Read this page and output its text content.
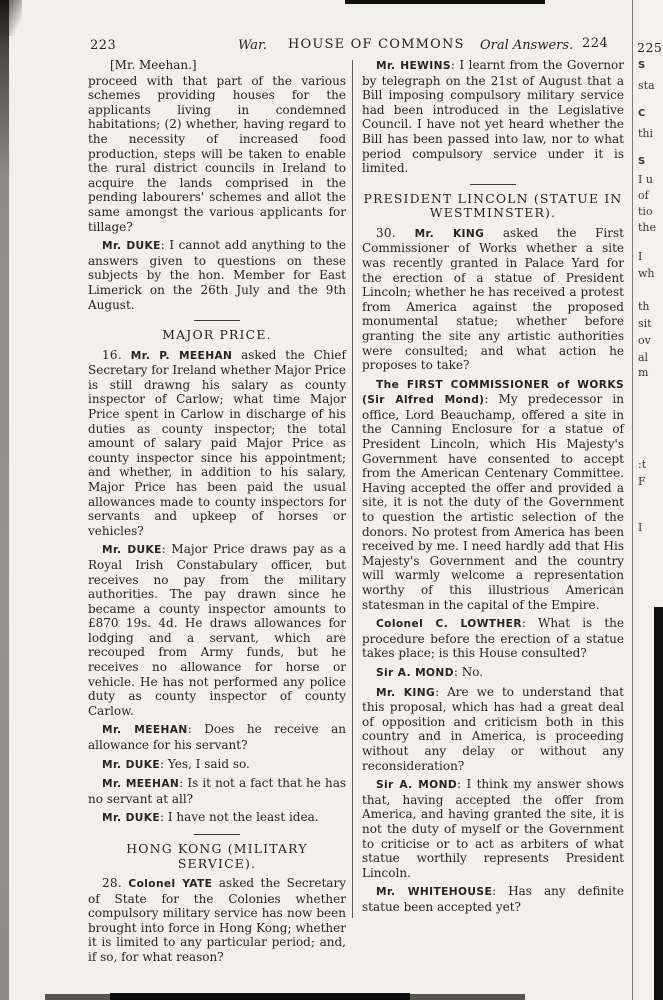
223	War. HOUSE OF COMMONS Oral Answers. 224

[Mr. Meehan.]

proceed with that part of the various schemes providing houses for the applicants living in condemned habitations; (2) whether, having regard to the necessity of increased food production, steps will be taken to enable the rural district councils in Ireland to acquire the lands comprised in the pending labourers' schemes and allot the same amongst the various applicants for tillage?

Mr. DUKE: I cannot add anything to the answers given to questions on these subjects by the hon. Member for East Limerick on the 26th July and the 9th August.

MAJOR PRICE.

16. Mr. P. MEEHAN asked the Chief Secretary for Ireland whether Major Price is still drawng his salary as county inspector of Carlow; what time Major Price spent in Carlow in discharge of his duties as county inspector; the total amount of salary paid Major Price as county inspector since his appointment; and whether, in addition to his salary, Major Price has been paid the usual allowances made to county inspectors for servants and upkeep of horses or vehicles?

Mr. DUKE: Major Price draws pay as a Royal Irish Constabulary officer, but receives no pay from the military authorities. The pay drawn since he became a county inspector amounts to £870 19s. 4d. He draws allowances for lodging and a servant, which are recouped from Army funds, but he receives no allowance for horse or vehicle. He has not performed any police duty as county inspector of county Carlow.

Mr. MEEHAN: Does he receive an allowance for his servant?

Mr. DUKE: Yes, I said so.

Mr. MEEHAN: Is it not a fact that he has no servant at all?

Mr. DUKE: I have not the least idea.

HONG KONG (MILITARY SERVICE).

28. Colonel YATE asked the Secretary of State for the Colonies whether compulsory military service has now been brought into force in Hong Kong; whether it is limited to any particular period; and, if so, for what reason?

Mr. HEWINS: I learnt from the Governor by telegraph on the 21st of August that a Bill imposing compulsory military service had been introduced in the Legislative Council. I have not yet heard whether the Bill has been passed into law, nor to what period compulsory service under it is limited.

PRESIDENT LINCOLN (STATUE IN WESTMINSTER).

30. Mr. KING asked the First Commissioner of Works whether a site was recently granted in Palace Yard for the erection of a statue of President Lincoln; whether he has received a protest from America against the proposed monumental statue; whether before granting the site any artistic authorities were consulted; and what action he proposes to take?

The FIRST COMMISSIONER of WORKS (Sir Alfred Mond): My predecessor in office, Lord Beauchamp, offered a site in the Canning Enclosure for a statue of President Lincoln, which His Majesty's Government have consented to accept from the American Centenary Committee. Having accepted the offer and provided a site, it is not the duty of the Government to question the artistic selection of the donors. No protest from America has been received by me. I need hardly add that His Majesty's Government and the country will warmly welcome a representation worthy of this illustrious American statesman in the capital of the Empire.

Colonel C. LOWTHER: What is the procedure before the erection of a statue takes place; is this House consulted?

Sir A. MOND: No.

Mr. KING: Are we to understand that this proposal, which has had a great deal of opposition and criticism both in this country and in America, is proceeding without any delay or without any reconsideration?

Sir A. MOND: I think my answer shows that, having accepted the offer from America, and having granted the site, it is not the duty of myself or the Government to criticise or to act as arbiters of what statue worthily represents President Lincoln.

Mr. WHITEHOUSE: Has any definite statue been accepted yet?

225
S
sta
C
thi
S
I u
of
tio
the
I
wh
th
sit
ov
al
m
:t
F
I
